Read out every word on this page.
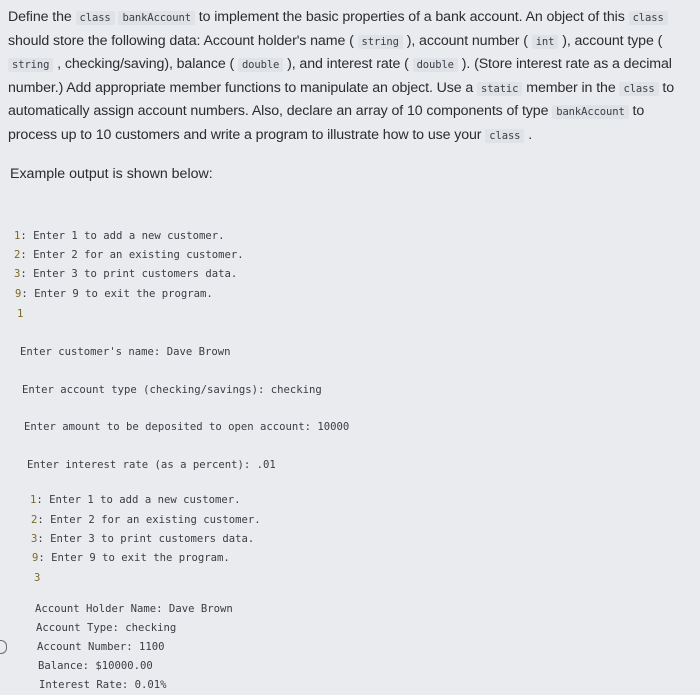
Define the class bankAccount to implement the basic properties of a bank account. An object of this class should store the following data: Account holder's name ( string ), account number ( int ), account type ( string , checking/saving), balance ( double ), and interest rate ( double ). (Store interest rate as a decimal number.) Add appropriate member functions to manipulate an object. Use a static member in the class to automatically assign account numbers. Also, declare an array of 10 components of type bankAccount to process up to 10 customers and write a program to illustrate how to use your class .
Example output is shown below:
1: Enter 1 to add a new customer.
2: Enter 2 for an existing customer.
3: Enter 3 to print customers data.
9: Enter 9 to exit the program.
1
Enter customer's name: Dave Brown
Enter account type (checking/savings): checking
Enter amount to be deposited to open account: 10000
Enter interest rate (as a percent): .01
1: Enter 1 to add a new customer.
2: Enter 2 for an existing customer.
3: Enter 3 to print customers data.
9: Enter 9 to exit the program.
3
Account Holder Name: Dave Brown
Account Type: checking
Account Number: 1100
Balance: $10000.00
Interest Rate: 0.01%
